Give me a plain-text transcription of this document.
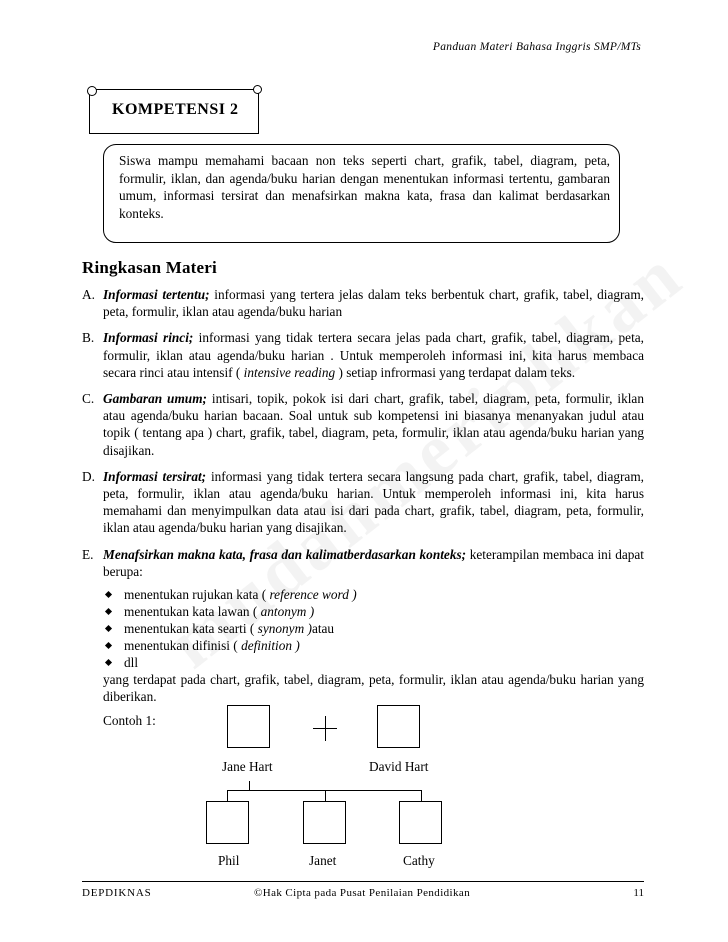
Panduan Materi Bahasa Inggris SMP/MTs
KOMPETENSI 2
Siswa mampu memahami bacaan non teks seperti chart, grafik, tabel, diagram, peta, formulir, iklan, dan agenda/buku harian dengan menentukan informasi tertentu, gambaran umum, informasi tersirat dan menafsirkan makna kata, frasa dan kalimat berdasarkan konteks.
Ringkasan Materi
A. Informasi tertentu; informasi yang tertera jelas dalam teks berbentuk chart, grafik, tabel, diagram, peta, formulir, iklan atau agenda/buku harian
B. Informasi rinci; informasi yang tidak tertera secara jelas pada chart, grafik, tabel, diagram, peta, formulir, iklan atau agenda/buku harian . Untuk memperoleh informasi ini, kita harus membaca secara rinci atau intensif ( intensive reading ) setiap infrormasi yang terdapat dalam teks.
C. Gambaran umum; intisari, topik, pokok isi dari chart, grafik, tabel, diagram, peta, formulir, iklan atau agenda/buku harian bacaan. Soal untuk sub kompetensi ini biasanya menanyakan judul atau topik ( tentang apa ) chart, grafik, tabel, diagram, peta, formulir, iklan atau agenda/buku harian yang disajikan.
D. Informasi tersirat; informasi yang tidak tertera secara langsung pada chart, grafik, tabel, diagram, peta, formulir, iklan atau agenda/buku harian. Untuk memperoleh informasi ini, kita harus memahami dan menyimpulkan data atau isi dari pada chart, grafik, tabel, diagram, peta, formulir, iklan atau agenda/buku harian yang disajikan.
E. Menafsirkan makna kata, frasa dan kalimatberdasarkan konteks; keterampilan membaca ini dapat berupa:
menentukan rujukan kata ( reference word )
menentukan kata lawan ( antonym )
menentukan kata searti ( synonym )atau
menentukan difinisi ( definition )
dll
yang terdapat pada chart, grafik, tabel, diagram, peta, formulir, iklan atau agenda/buku harian yang diberikan.
Contoh 1:
Jane Hart	David Hart
Phil	Janet	Cathy
DEPDIKNAS	©Hak Cipta pada Pusat Penilaian Pendidikan	11
